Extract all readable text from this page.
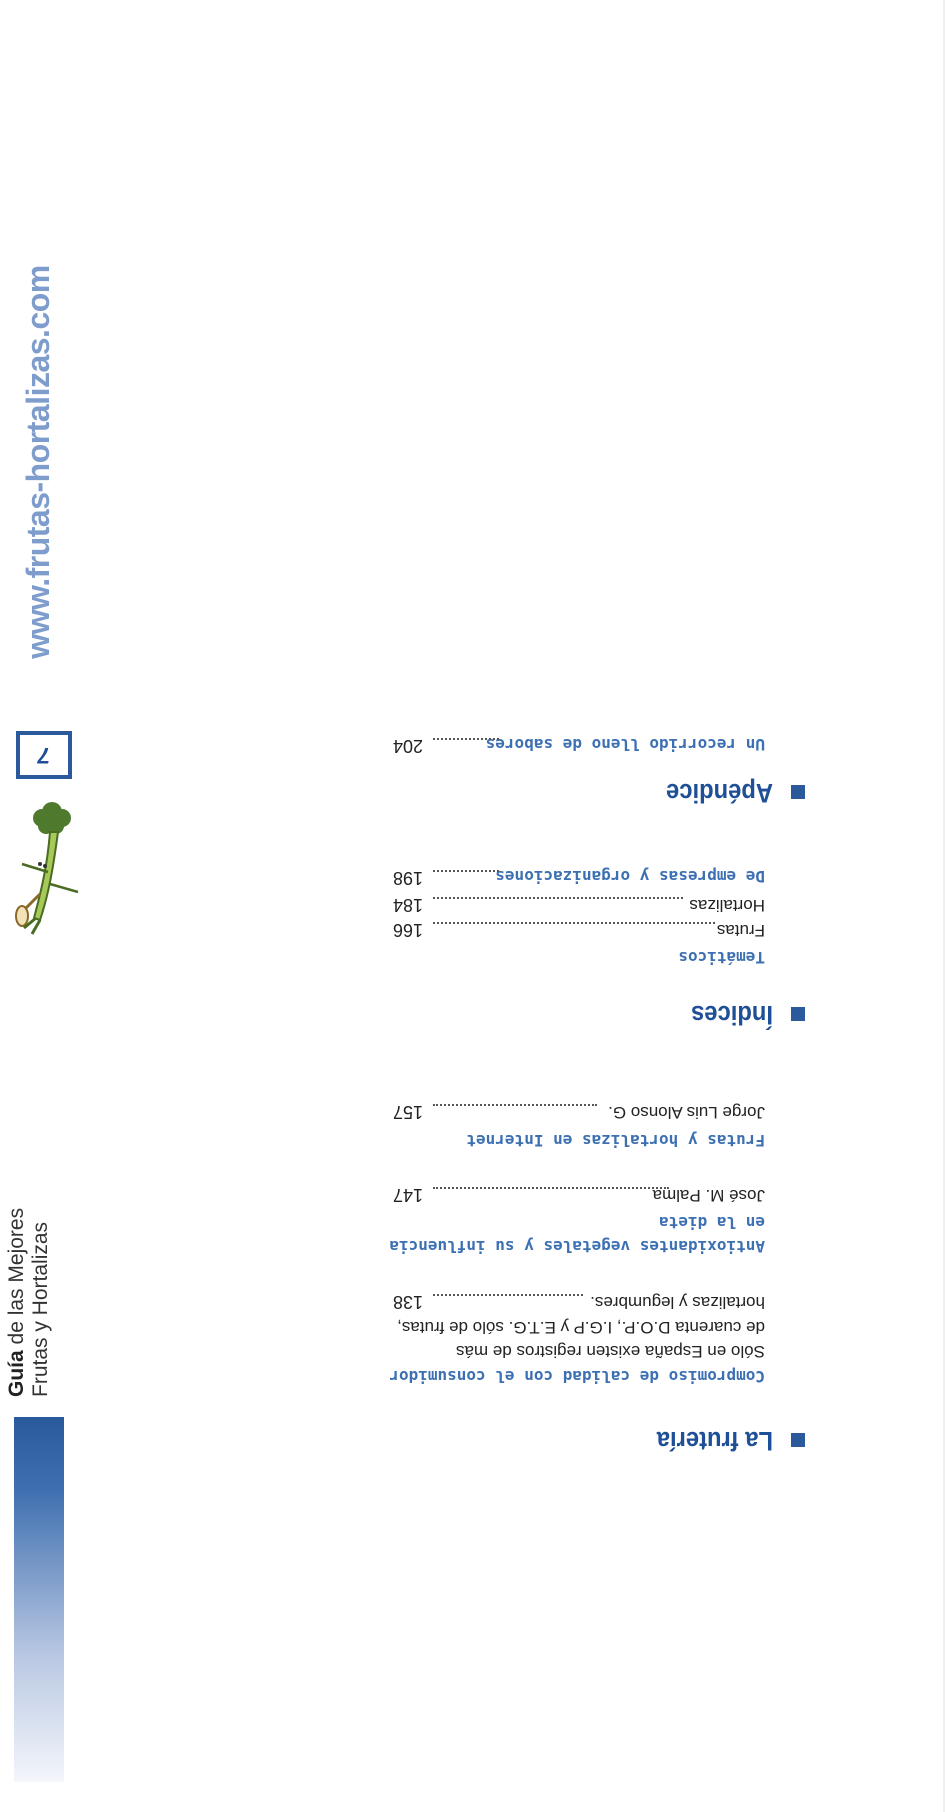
La frutería
Compromiso de calidad con el consumidor
Sólo en España existen registros de más
de cuarenta D.O.P., I.G.P y E.T.G. sólo de frutas,
hortalizas y legumbres.
138
Antioxidantes vegetales y su influencia
en la dieta
José M. Palma
147
Frutas y hortalizas en Internet
Jorge Luis Alonso G.
157
Índices
Temáticos
Frutas
166
Hortalizas
184
De empresas y organizaciones
198
Apéndice
Un recorrido lleno de sabores
204
Guía de las Mejores Frutas y Hortalizas
7
www.frutas-hortalizas.com
